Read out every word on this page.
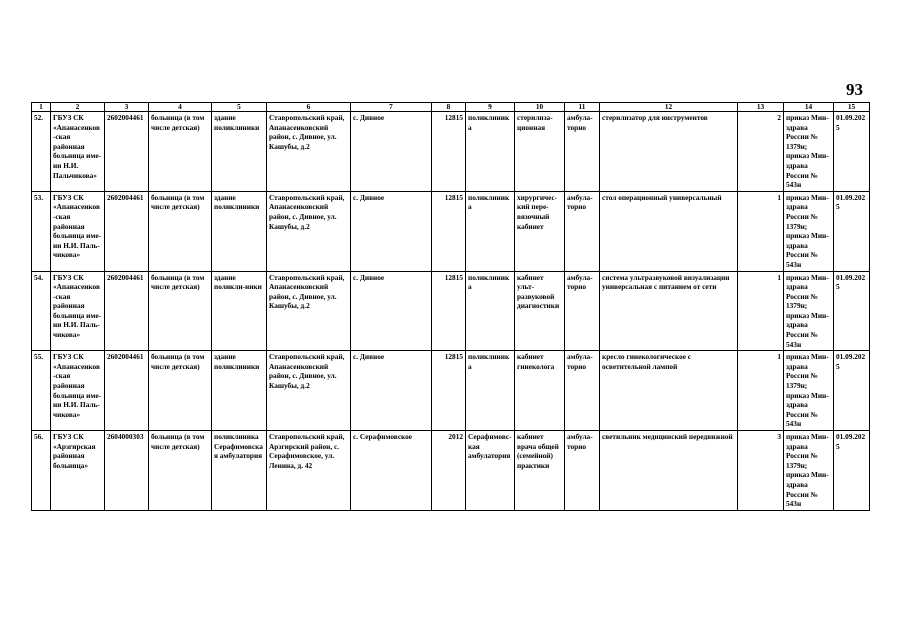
93
1	2	3	4	5	6	7	8	9	10	11	12	13	14	15
52.	ГБУЗ СК «Апанасенков-ская районная больница име-ни Н.И. Пальчикова»	2602004461	больница (в том числе детская)	здание поликлиники	Ставропольский край, Апанасенковский район, с. Дивное, ул. Кашубы, д.2	с. Дивное	12815	поликлиника	стерилиза-ционная	амбула-торно	стерилизатор для инструментов	2	приказ Мин-здрава России № 1379н; приказ Мин-здрава России № 543н	01.09.2025
53.	ГБУЗ СК «Апанасенков-ская районная больница име-ни Н.И. Паль-чикова»	2602004461	больница (в том числе детская)	здание поликлиники	Ставропольский край, Апанасенковский район, с. Дивное, ул. Кашубы, д.2	с. Дивное	12815	поликлиника	хирургичес-кий пере-вязочный кабинет	амбула-торно	стол операционный универсальный	1	приказ Мин-здрава России № 1379н; приказ Мин-здрава России № 543н	01.09.2025
54.	ГБУЗ СК «Апанасенков-ская районная больница име-ни Н.И. Паль-чикова»	2602004461	больница (в том числе детская)	здание поликли-ники	Ставропольский край, Апанасенковский район, с. Дивное, ул. Кашубы, д.2	с. Дивное	12815	поликлиника	кабинет ульт-развуковой диагностики	амбула-торно	система ультразвуковой визуализации универсальная с питанием от сети	1	приказ Мин-здрава России № 1379н; приказ Мин-здрава России № 543н	01.09.2025
55.	ГБУЗ СК «Апанасенков-ская районная больница име-ни Н.И. Паль-чикова»	2602004461	больница (в том числе детская)	здание поликлиники	Ставропольский край, Апанасенковский район, с. Дивное, ул. Кашубы, д.2	с. Дивное	12815	поликлиника	кабинет гинеколога	амбула-торно	кресло гинекологическое с осветительной лампой	1	приказ Мин-здрава России № 1379н; приказ Мин-здрава России № 543н	01.09.2025
56.	ГБУЗ СК «Арзгирская районная больница»	2604000303	больница (в том числе детская)	поликлиника Серафимовская амбулатория	Ставропольский край, Арзгирский район, с. Серафимовское, ул. Ленина, д. 42	с. Серафимовское	2012	Серафимовс-кая амбулатория	кабинет врача общей (семейной) практики	амбула-торно	светильник медицинский передвижной	3	приказ Мин-здрава России № 1379н; приказ Мин-здрава России № 543н	01.09.2025
